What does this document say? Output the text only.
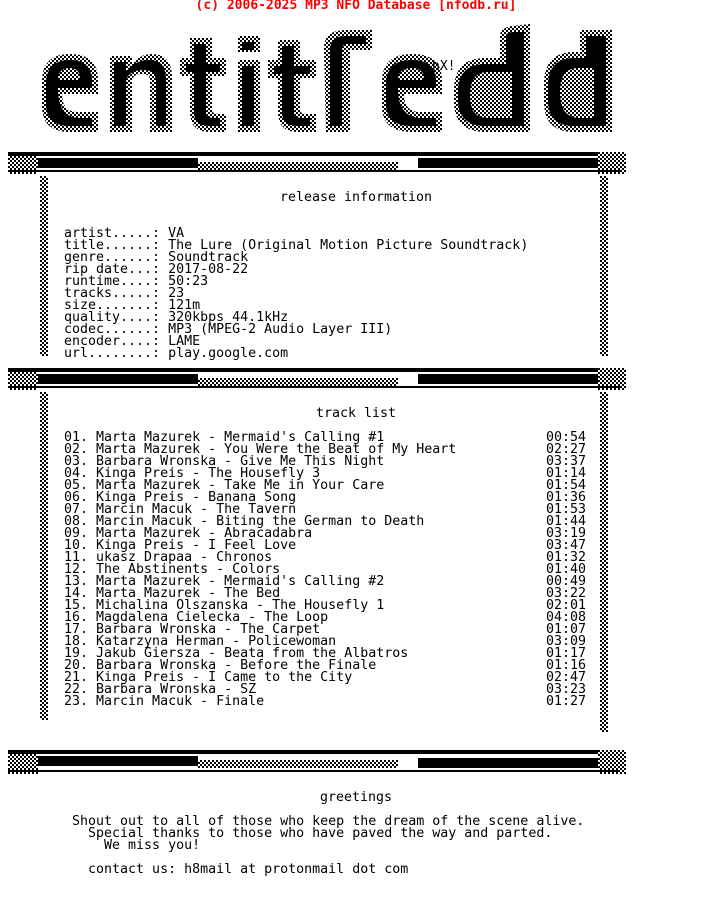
(c) 2006-2025 MP3 NFO Database [nfodb.ru]
hX!
release information
artist.....: VA
title......: The Lure (Original Motion Picture Soundtrack)
genre......: Soundtrack
rip date...: 2017-08-22
runtime....: 50:23
tracks.....: 23
size.......: 121m
quality....: 320kbps 44.1kHz
codec......: MP3 (MPEG-2 Audio Layer III)
encoder....: LAME
url........: play.google.com
track list
01. Marta Mazurek - Mermaid's Calling #1	00:54
02. Marta Mazurek - You Were the Beat of My Heart	02:27
03. Barbara Wronska - Give Me This Night	03:37
04. Kinga Preis - The Housefly 3	01:14
05. Marta Mazurek - Take Me in Your Care	01:54
06. Kinga Preis - Banana Song	01:36
07. Marcin Macuk - The Tavern	01:53
08. Marcin Macuk - Biting the German to Death	01:44
09. Marta Mazurek - Abracadabra	03:19
10. Kinga Preis - I Feel Love	03:47
11. ukasz Drapaa - Chronos	01:32
12. The Abstinents - Colors	01:40
13. Marta Mazurek - Mermaid's Calling #2	00:49
14. Marta Mazurek - The Bed	03:22
15. Michalina Olszanska - The Housefly 1	02:01
16. Magdalena Cielecka - The Loop	04:08
17. Barbara Wronska - The Carpet	01:07
18. Katarzyna Herman - Policewoman	03:09
19. Jakub Giersza - Beata from the Albatros	01:17
20. Barbara Wronska - Before the Finale	01:16
21. Kinga Preis - I Came to the City	02:47
22. Barbara Wronska - SZ	03:23
23. Marcin Macuk - Finale	01:27
greetings
Shout out to all of those who keep the dream of the scene alive.
Special thanks to those who have paved the way and parted.
We miss you!
contact us: h8mail at protonmail dot com
